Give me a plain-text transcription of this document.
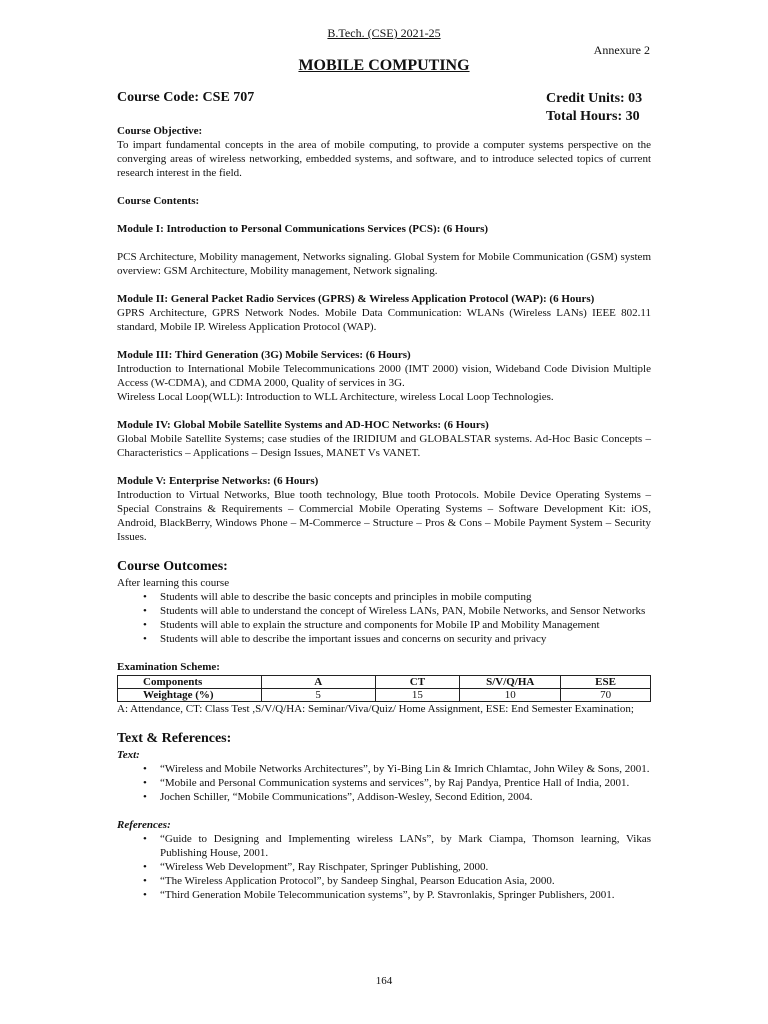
B.Tech. (CSE) 2021-25
Annexure 2
MOBILE COMPUTING
Course Code: CSE 707	Credit Units: 03
Total Hours: 30

Course Objective:

To impart fundamental concepts in the area of mobile computing, to provide a computer systems perspective on the converging areas of wireless networking, embedded systems, and software, and to introduce selected topics of current research interest in the field.

Course Contents:

Module I: Introduction to Personal Communications Services (PCS): (6 Hours)

PCS Architecture, Mobility management, Networks signaling. Global System for Mobile Communication (GSM) system overview: GSM Architecture, Mobility management, Network signaling.

Module II: General Packet Radio Services (GPRS) & Wireless Application Protocol (WAP): (6 Hours)

GPRS Architecture, GPRS Network Nodes. Mobile Data Communication: WLANs (Wireless LANs) IEEE 802.11 standard, Mobile IP. Wireless Application Protocol (WAP).

Module III: Third Generation (3G) Mobile Services: (6 Hours)

Introduction to International Mobile Telecommunications 2000 (IMT 2000) vision, Wideband Code Division Multiple Access (W-CDMA), and CDMA 2000, Quality of services in 3G.

Wireless Local Loop(WLL): Introduction to WLL Architecture, wireless Local Loop Technologies.

Module IV: Global Mobile Satellite Systems and AD-HOC Networks: (6 Hours)

Global Mobile Satellite Systems; case studies of the IRIDIUM and GLOBALSTAR systems. Ad-Hoc Basic Concepts – Characteristics – Applications – Design Issues, MANET Vs VANET.

Module V: Enterprise Networks: (6 Hours)

Introduction to Virtual Networks, Blue tooth technology, Blue tooth Protocols. Mobile Device Operating Systems – Special Constrains & Requirements – Commercial Mobile Operating Systems – Software Development Kit: iOS, Android, BlackBerry, Windows Phone – M-Commerce – Structure – Pros & Cons – Mobile Payment System – Security Issues.

Course Outcomes:

After learning this course

• Students will able to describe the basic concepts and principles in mobile computing
• Students will able to understand the concept of Wireless LANs, PAN, Mobile Networks, and Sensor Networks
• Students will able to explain the structure and components for Mobile IP and Mobility Management
• Students will able to describe the important issues and concerns on security and privacy

Examination Scheme:

Components	A	CT	S/V/Q/HA	ESE
Weightage (%)	5	15	10	70

A: Attendance, CT: Class Test ,S/V/Q/HA: Seminar/Viva/Quiz/ Home Assignment, ESE: End Semester Examination;

Text & References:

Text:

• “Wireless and Mobile Networks Architectures”, by Yi-Bing Lin & Imrich Chlamtac, John Wiley & Sons, 2001.
• “Mobile and Personal Communication systems and services”, by Raj Pandya, Prentice Hall of India, 2001.
• Jochen Schiller, “Mobile Communications”, Addison-Wesley, Second Edition, 2004.

References:

• “Guide to Designing and Implementing wireless LANs”, by Mark Ciampa, Thomson learning, Vikas Publishing House, 2001.
• “Wireless Web Development”, Ray Rischpater, Springer Publishing, 2000.
• “The Wireless Application Protocol”, by Sandeep Singhal, Pearson Education Asia, 2000.
• “Third Generation Mobile Telecommunication systems”, by P. Stavronlakis, Springer Publishers, 2001.
164
